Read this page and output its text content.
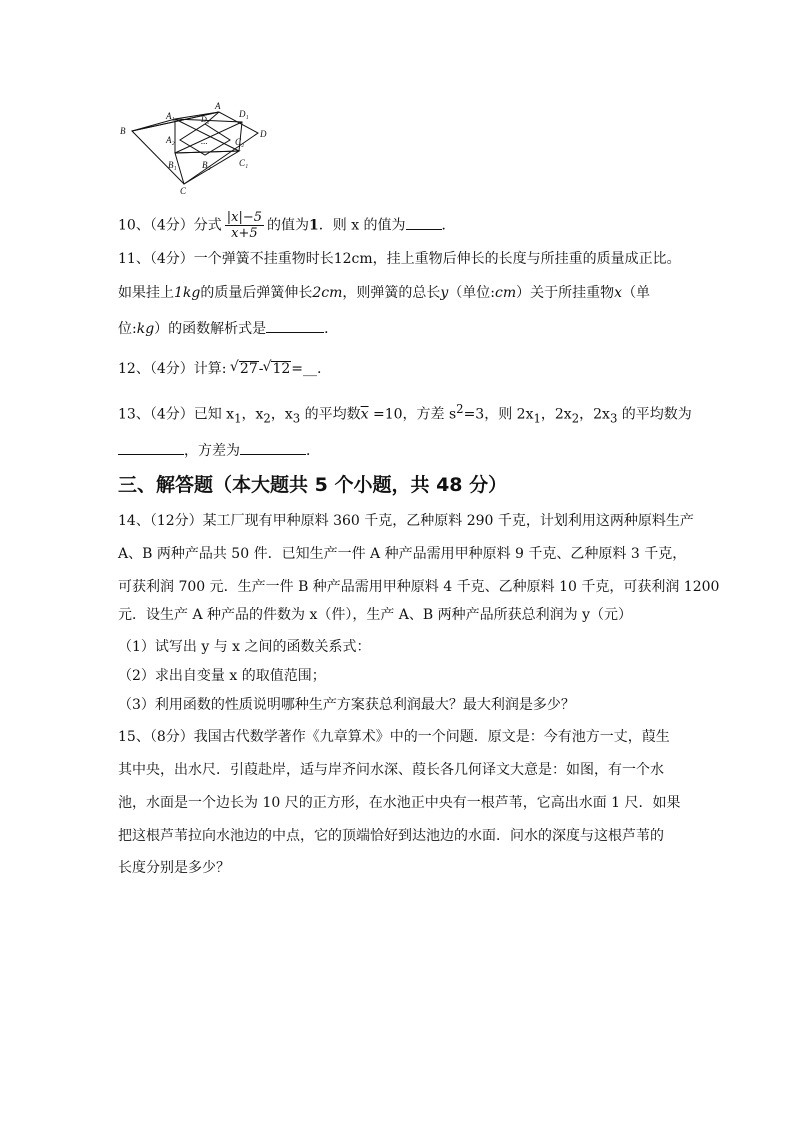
A
D₁
D
B
A₁
A₂
D₂
C₂
C₁
B₁	B₂
C
...
10、（4分）分式 $\frac{|x|-5}{x+5}$ 的值为1．则 x 的值为	．
11、（4分）一个弹簧不挂重物时长12cm，挂上重物后伸长的长度与所挂重的质量成正比。
如果挂上1kg的质量后弹簧伸长2cm，则弹簧的总长y（单位:cm）关于所挂重物x（单
位:kg）的函数解析式是	．
12、（4分）计算: √ 27- √ 12=__.
13、（4分）已知 $x_1$，$x_2$，$x_3$ 的平均数$\overline{x} =10$，方差 $s^2=3$，则 $2x_1$，$2x_2$，$2x_3$ 的平均数为
，方差为	．
三、解答题（本大题共 5 个小题，共 48 分）
14、（12分）某工厂现有甲种原料 360 千克，乙种原料 290 千克，计划利用这两种原料生产
A、B 两种产品共 50 件．已知生产一件 A 种产品需用甲种原料 9 千克、乙种原料 3 千克，
可获利润 700 元．生产一件 B 种产品需用甲种原料 4 千克、乙种原料 10 千克，可获利润 1200
元．设生产 A 种产品的件数为 x（件），生产 A、B 两种产品所获总利润为 y（元）
（1）试写出 y 与 x 之间的函数关系式：
（2）求出自变量 x 的取值范围；
（3）利用函数的性质说明哪种生产方案获总利润最大？最大利润是多少？
15、（8分）我国古代数学著作《九章算术》中的一个问题．原文是：今有池方一丈，葭生
其中央，出水尺．引葭赴岸，适与岸齐问水深、葭长各几何译文大意是：如图，有一个水
池，水面是一个边长为 10 尺的正方形，在水池正中央有一根芦苇，它高出水面 1 尺．如果
把这根芦苇拉向水池边的中点，它的顶端恰好到达池边的水面．问水的深度与这根芦苇的
长度分别是多少？
